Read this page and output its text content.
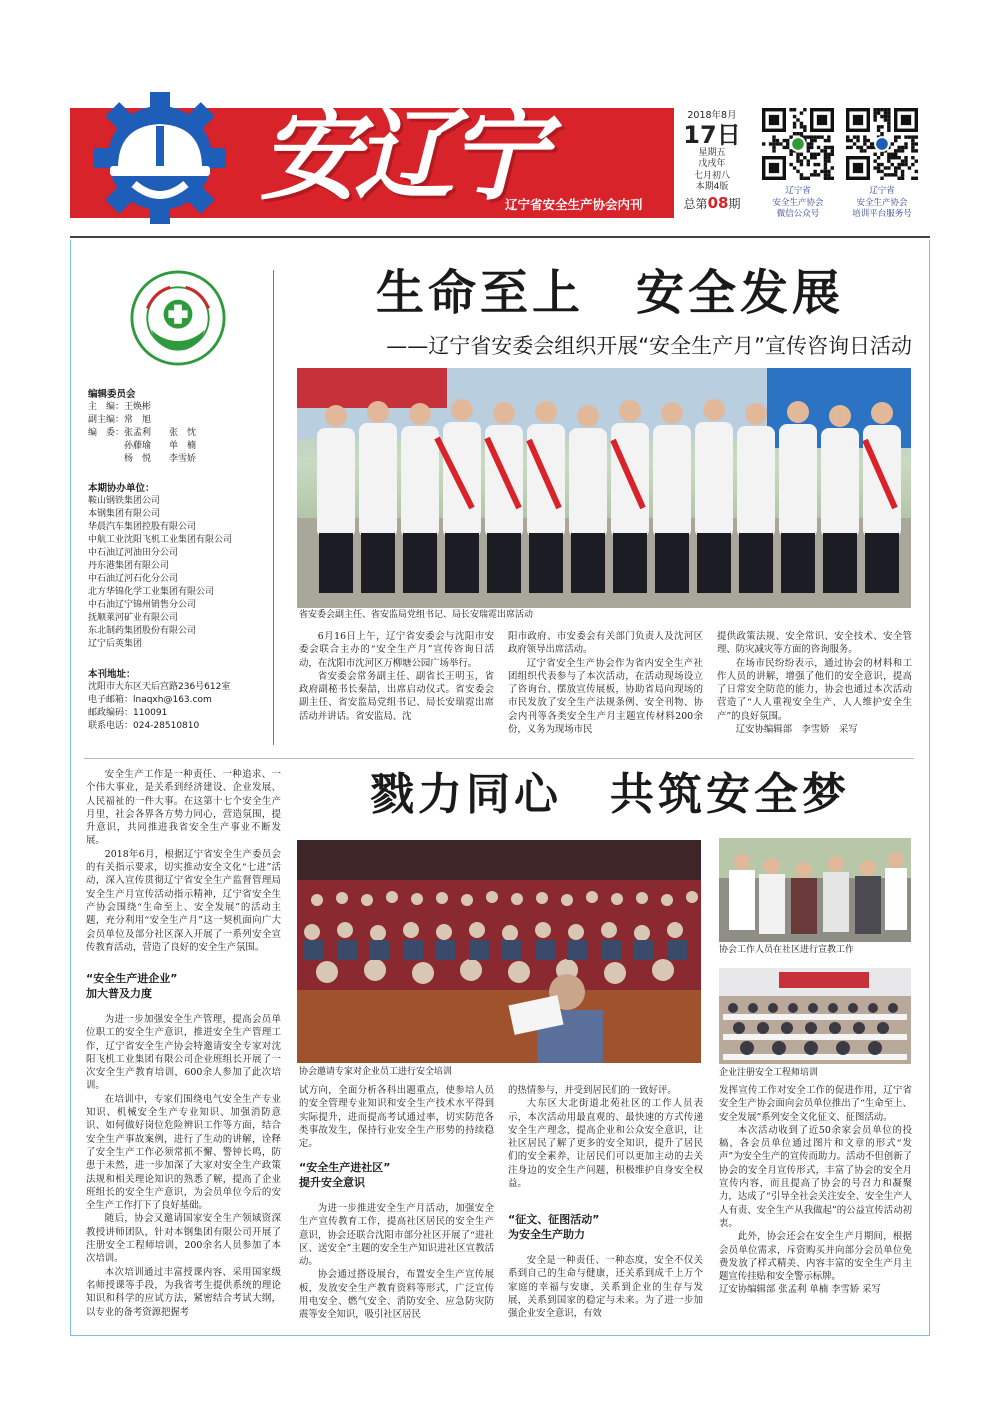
安辽宁
辽宁省安全生产协会内刊
2018年8月
17日
星期五
戊戌年
七月初八
本期4版
总第08期
辽宁省
安全生产协会
微信公众号
辽宁省
安全生产协会
培训平台服务号
编辑委员会
主　编：王焕彬
副主编：常　旭
编　委：张孟利　　张　忱
　　　　孙藤瑜　　单　楠
　　　　杨　悦　　李雪娇
本期协办单位：
鞍山钢铁集团公司
本钢集团有限公司
华晨汽车集团控股有限公司
中航工业沈阳飞机工业集团有限公司
中石油辽河油田分公司
丹东港集团有限公司
中石油辽河石化分公司
北方华锦化学工业集团有限公司
中石油辽宁锦州销售分公司
抚顺莱河矿业有限公司
东北制药集团股份有限公司
辽宁后英集团
本刊地址：
沈阳市大东区天后宫路236号612室
电子邮箱：lnaqxh@163.com
邮政编码：110091
联系电话：024-28510810
生命至上　安全发展
——辽宁省安委会组织开展“安全生产月”宣传咨询日活动
省安委会副主任、省安监局党组书记、局长安瑞霓出席活动

6月16日上午，辽宁省安委会与沈阳市安委会联合主办的“安全生产月”宣传咨询日活动，在沈阳市沈河区万柳塘公园广场举行。

省安委会常务副主任、副省长王明玉，省政府副秘书长秦喆，出席启动仪式。省安委会副主任、省安监局党组书记、局长安瑞霓出席活动并讲话。省安监局、沈

阳市政府、市安委会有关部门负责人及沈河区政府领导出席活动。

辽宁省安全生产协会作为省内安全生产社团组织代表参与了本次活动，在活动现场设立了咨询台、摆放宣传展板，协助省局向现场的市民发放了安全生产法规条例、安全刊物、协会内刊等各类安全生产月主题宣传材料200余份，义务为现场市民

提供政策法规、安全常识、安全技术、安全管理、防灾减灾等方面的咨询服务。

在场市民纷纷表示，通过协会的材料和工作人员的讲解，增强了他们的安全意识，提高了日常安全防范的能力，协会也通过本次活动营造了“人人重视安全生产、人人维护安全生产”的良好氛围。

辽安协编辑部　李雪娇　采写

戮力同心　共筑安全梦

安全生产工作是一种责任、一种追求、一个伟大事业，是关系到经济建设、企业发展、人民福祉的一件大事。在这第十七个安全生产月里，社会各界各方势力同心，营造氛围，提升意识，共同推进我省安全生产事业不断发展。

2018年6月，根据辽宁省安全生产委员会的有关指示要求，切实推动安全文化“七进”活动，深入宣传贯彻辽宁省安全生产监督管理局安全生产月宣传活动指示精神，辽宁省安全生产协会围绕“生命至上、安全发展”的活动主题，充分利用“安全生产月”这一契机面向广大会员单位及部分社区深入开展了一系列安全宣传教育活动，营造了良好的安全生产氛围。

“安全生产进企业”
加大普及力度

为进一步加强安全生产管理，提高会员单位职工的安全生产意识，推进安全生产管理工作，辽宁省安全生产协会特邀请安全专家对沈阳飞机工业集团有限公司企业班组长开展了一次安全生产教育培训，600余人参加了此次培训。

在培训中，专家们围绕电气安全生产专业知识、机械安全生产专业知识、加强消防意识、如何做好岗位危险辨识工作等方面，结合安全生产事故案例，进行了生动的讲解，诠释了安全生产工作必须常抓不懈、警钟长鸣，防患于未然，进一步加深了大家对安全生产政策法规和相关理论知识的熟悉了解，提高了企业班组长的安全生产意识，为会员单位今后的安全生产工作打下了良好基础。

随后，协会又邀请国家安全生产领域资深教授讲师团队，针对本钢集团有限公司开展了注册安全工程师培训，200余名人员参加了本次培训。

本次培训通过丰富授课内容、采用国家级名师授课等手段，为我省考生提供系统的理论知识和科学的应试方法，紧密结合考试大纲，以专业的备考资源把握考

协会邀请专家对企业员工进行安全培训
协会工作人员在社区进行宣教工作
企业注册安全工程师培训

试方向，全面分析各科出题重点，使参培人员的安全管理专业知识和安全生产技术水平得到实际提升，进而提高考试通过率，切实防范各类事故发生，保持行业安全生产形势的持续稳定。

“安全生产进社区”
提升安全意识

为进一步推进安全生产月活动，加强安全生产宣传教育工作，提高社区居民的安全生产意识，协会还联合沈阳市部分社区开展了“进社区、送安全”主题的安全生产知识进社区宣教活动。

协会通过搭设展台，布置安全生产宣传展板，发放安全生产教育资料等形式，广泛宣传用电安全、燃气安全、消防安全、应急防灾防震等安全知识，吸引社区居民

的热情参与，并受到居民们的一致好评。

大东区大北街道北苑社区的工作人员表示，本次活动用最直观的、最快速的方式传递安全生产理念，提高企业和公众安全意识，让社区居民了解了更多的安全知识，提升了居民们的安全素养，让居民们可以更加主动的去关注身边的安全生产问题，积极维护自身安全权益。

“征文、征图活动”
为安全生产助力

安全是一种责任、一种态度，安全不仅关系到自己的生命与健康，还关系到成千上万个家庭的幸福与安康，关系到企业的生存与发展，关系到国家的稳定与未来。为了进一步加强企业安全意识，有效

发挥宣传工作对安全工作的促进作用，辽宁省安全生产协会面向会员单位推出了“生命至上、安全发展”系列安全文化征文、征图活动。

本次活动收到了近50余家会员单位的投稿，各会员单位通过图片和文章的形式“发声”为安全生产的宣传而助力。活动不但创新了协会的安全月宣传形式，丰富了协会的安全月宣传内容，而且提高了协会的号召力和凝聚力，达成了“引导全社会关注安全、安全生产人人有责、安全生产从我做起”的公益宣传活动初衷。

此外，协会还会在安全生产月期间，根据会员单位需求，斥资购买并向部分会员单位免费发放了样式精美、内容丰富的安全生产月主题宣传挂贴和安全警示标牌。

辽安协编辑部 张孟利 单楠 李雪娇 采写
